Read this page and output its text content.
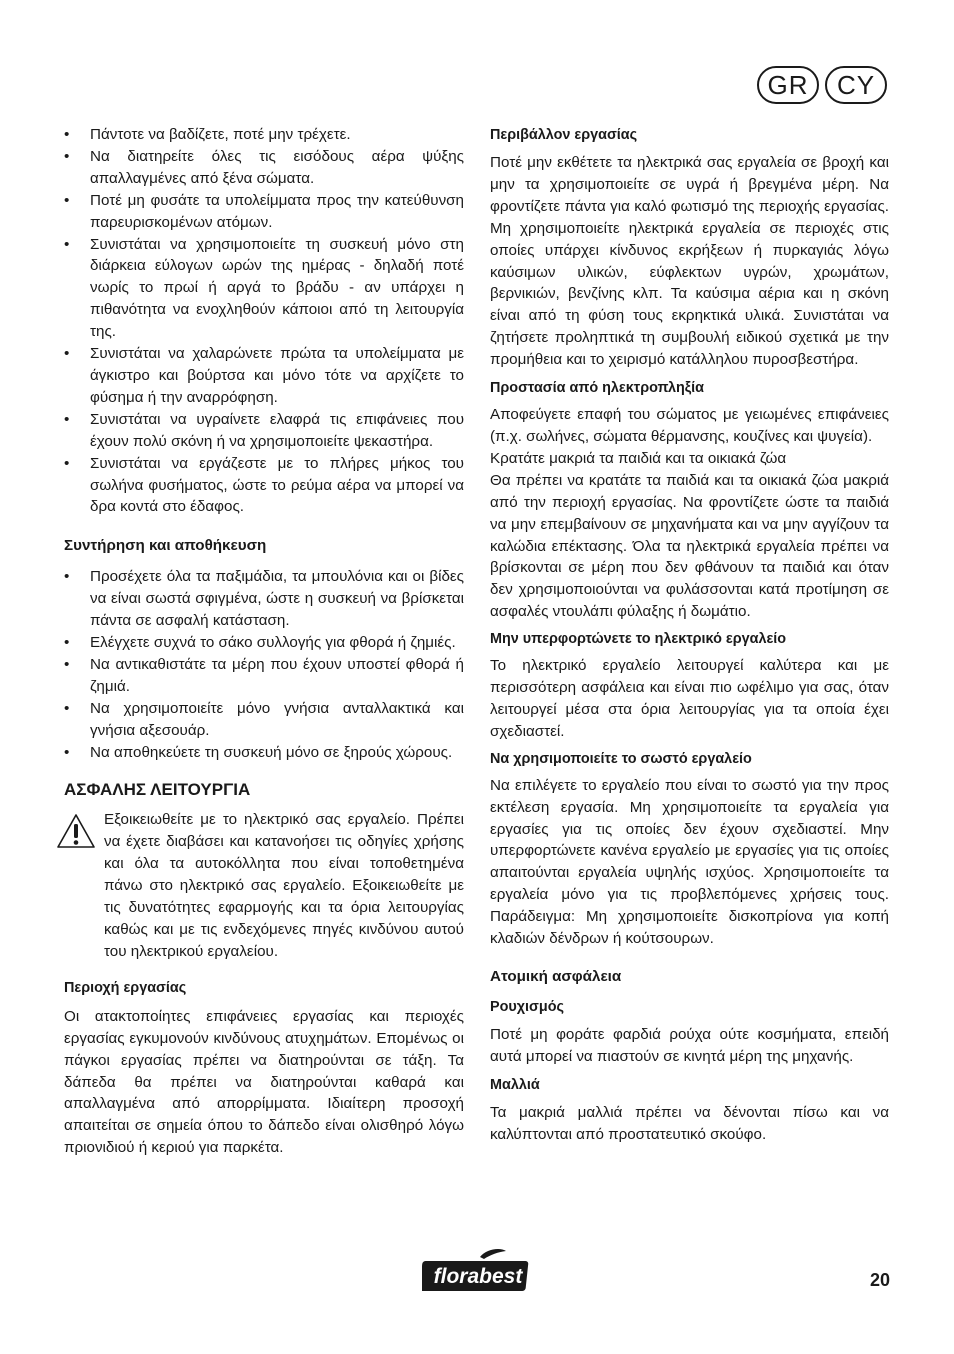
GR	CY
• Πάντοτε να βαδίζετε, ποτέ μην τρέχετε.
• Να διατηρείτε όλες τις εισόδους αέρα ψύξης απαλλαγμένες από ξένα σώματα.
• Ποτέ μη φυσάτε τα υπολείμματα προς την κατεύθυνση παρευρισκομένων ατόμων.
• Συνιστάται να χρησιμοποιείτε τη συσκευή μόνο στη διάρκεια εύλογων ωρών της ημέρας - δηλαδή ποτέ νωρίς το πρωί ή αργά το βράδυ - αν υπάρχει η πιθανότητα να ενοχληθούν κάποιοι από τη λειτουργία της.
• Συνιστάται να χαλαρώνετε πρώτα τα υπολείμματα με άγκιστρο και βούρτσα και μόνο τότε να αρχίζετε το φύσημα ή την αναρρόφηση.
• Συνιστάται να υγραίνετε ελαφρά τις επιφάνειες που έχουν πολύ σκόνη ή να χρησιμοποιείτε ψεκαστήρα.
• Συνιστάται να εργάζεστε με το πλήρες μήκος του σωλήνα φυσήματος, ώστε το ρεύμα αέρα να μπορεί να δρα κοντά στο έδαφος.
Συντήρηση και αποθήκευση
• Προσέχετε όλα τα παξιμάδια, τα μπουλόνια και οι βίδες να είναι σωστά σφιγμένα, ώστε η συσκευή να βρίσκεται πάντα σε ασφαλή κατάσταση.
• Ελέγχετε συχνά το σάκο συλλογής για φθορά ή ζημιές.
• Να αντικαθιστάτε τα μέρη που έχουν υποστεί φθορά ή ζημιά.
• Να χρησιμοποιείτε μόνο γνήσια ανταλλακτικά και γνήσια αξεσουάρ.
• Να αποθηκεύετε τη συσκευή μόνο σε ξηρούς χώρους.
ΑΣΦΑΛΗΣ ΛΕΙΤΟΥΡΓΙΑ

Εξοικειωθείτε με το ηλεκτρικό σας εργαλείο. Πρέπει να έχετε διαβάσει και κατανοήσει τις οδηγίες χρήσης και όλα τα αυτοκόλλητα που είναι τοποθετημένα πάνω στο ηλεκτρικό σας εργαλείο. Εξοικειωθείτε με τις δυνατότητες εφαρμογής και τα όρια λειτουργίας καθώς και με τις ενδεχόμενες πηγές κινδύνου αυτού του ηλεκτρικού εργαλείου.

Περιοχή εργασίας

Οι ατακτοποίητες επιφάνειες εργασίας και περιοχές εργασίας εγκυμονούν κινδύνους ατυχημάτων. Επομένως οι πάγκοι εργασίας πρέπει να διατηρούνται σε τάξη. Τα δάπεδα θα πρέπει να διατηρούνται καθαρά και απαλλαγμένα από απορρίμματα. Ιδιαίτερη προσοχή απαιτείται σε σημεία όπου το δάπεδο είναι ολισθηρό λόγω πριονιδιού ή κεριού για παρκέτα.

Περιβάλλον εργασίας

Ποτέ μην εκθέτετε τα ηλεκτρικά σας εργαλεία σε βροχή και μην τα χρησιμοποιείτε σε υγρά ή βρεγμένα μέρη. Να φροντίζετε πάντα για καλό φωτισμό της περιοχής εργασίας. Μη χρησιμοποιείτε ηλεκτρικά εργαλεία σε περιοχές στις οποίες υπάρχει κίνδυνος εκρήξεων ή πυρκαγιάς λόγω καύσιμων υλικών, εύφλεκτων υγρών, χρωμάτων, βερνικιών, βενζίνης κλπ. Τα καύσιμα αέρια και η σκόνη είναι από τη φύση τους εκρηκτικά υλικά. Συνιστάται να ζητήσετε προληπτικά τη συμβουλή ειδικού σχετικά με την προμήθεια και το χειρισμό κατάλληλου πυροσβεστήρα.

Προστασία από ηλεκτροπληξία

Αποφεύγετε επαφή του σώματος με γειωμένες επιφάνειες (π.χ. σωλήνες, σώματα θέρμανσης, κουζίνες και ψυγεία).

Κρατάτε μακριά τα παιδιά και τα οικιακά ζώα

Θα πρέπει να κρατάτε τα παιδιά και τα οικιακά ζώα μακριά από την περιοχή εργασίας. Να φροντίζετε ώστε τα παιδιά να μην επεμβαίνουν σε μηχανήματα και να μην αγγίζουν τα καλώδια επέκτασης. Όλα τα ηλεκτρικά εργαλεία πρέπει να βρίσκονται σε μέρη που δεν φθάνουν τα παιδιά και όταν δεν χρησιμοποιούνται να φυλάσσονται κατά προτίμηση σε ασφαλές ντουλάπι φύλαξης ή δωμάτιο.

Μην υπερφορτώνετε το ηλεκτρικό εργαλείο

Το ηλεκτρικό εργαλείο λειτουργεί καλύτερα και με περισσότερη ασφάλεια και είναι πιο ωφέλιμο για σας, όταν λειτουργεί μέσα στα όρια λειτουργίας για τα οποία έχει σχεδιαστεί.

Να χρησιμοποιείτε το σωστό εργαλείο

Να επιλέγετε το εργαλείο που είναι το σωστό για την προς εκτέλεση εργασία. Μη χρησιμοποιείτε τα εργαλεία για εργασίες για τις οποίες δεν έχουν σχεδιαστεί. Μην υπερφορτώνετε κανένα εργαλείο με εργασίες για τις οποίες απαιτούνται εργαλεία υψηλής ισχύος. Χρησιμοποιείτε τα εργαλεία μόνο για τις προβλεπόμενες χρήσεις τους. Παράδειγμα: Μη χρησιμοποιείτε δισκοπρίονα για κοπή κλαδιών δένδρων ή κούτσουρων.

Ατομική ασφάλεια
Ρουχισμός

Ποτέ μη φοράτε φαρδιά ρούχα ούτε κοσμήματα, επειδή αυτά μπορεί να πιαστούν σε κινητά μέρη της μηχανής.

Μαλλιά

Τα μακριά μαλλιά πρέπει να δένονται πίσω και να καλύπτονται από προστατευτικό σκούφο.

florabest	20
